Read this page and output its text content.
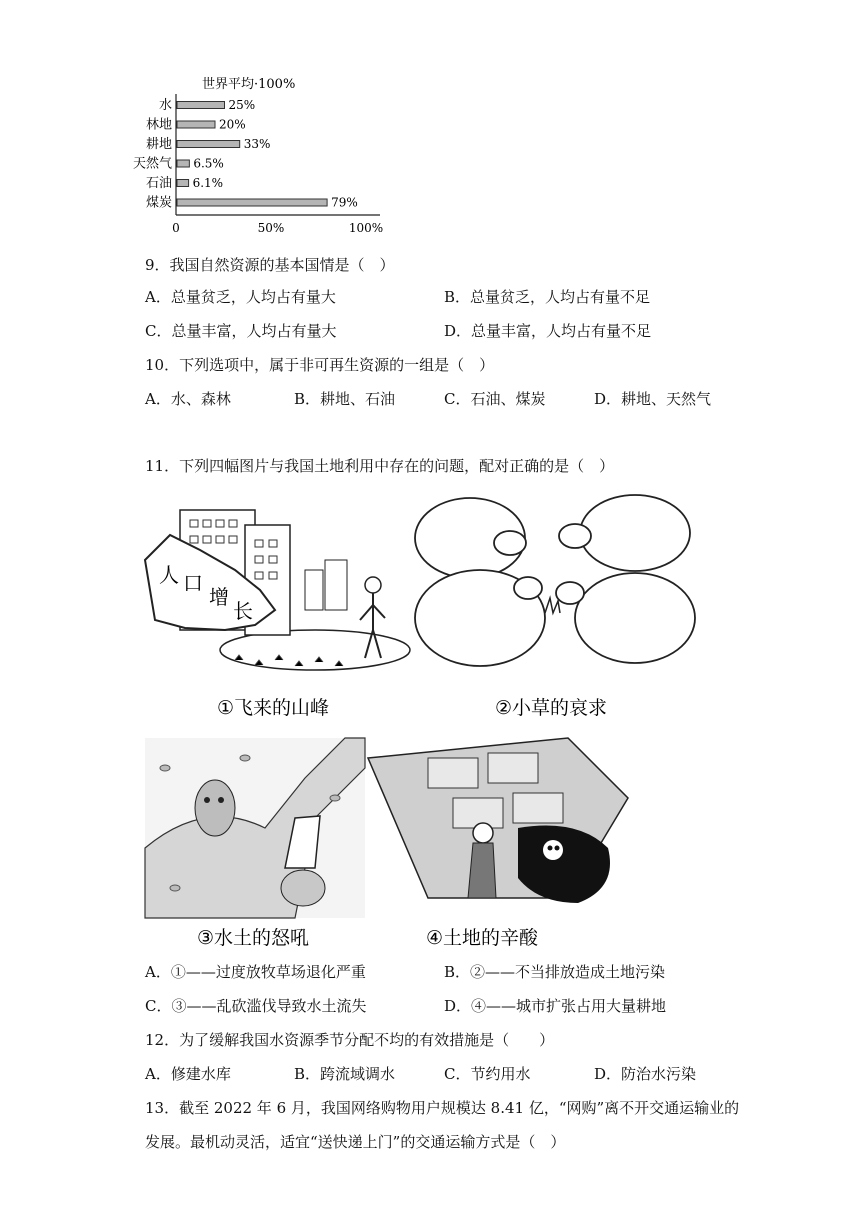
世界平均·100%
水	25%
林地	20%
耕地	33%
天然气 6.5%
石油 6.1%
煤炭	79%
0	50%	100%
9．我国自然资源的基本国情是（　）
A．总量贫乏，人均占有量大	B．总量贫乏，人均占有量不足
C．总量丰富，人均占有量大	D．总量丰富，人均占有量不足
10．下列选项中，属于非可再生资源的一组是（　）
A．水、森林	B．耕地、石油	C．石油、煤炭	D．耕地、天然气
11．下列四幅图片与我国土地利用中存在的问题，配对正确的是（　）
人 口
增
长
①飞来的山峰	②小草的哀求
③水土的怒吼	④土地的辛酸
A．①——过度放牧草场退化严重	B．②——不当排放造成土地污染
C．③——乱砍滥伐导致水土流失	D．④——城市扩张占用大量耕地
12．为了缓解我国水资源季节分配不均的有效措施是（　　）
A．修建水库	B．跨流域调水	C．节约用水	D．防治水污染
13．截至 2022 年 6 月，我国网络购物用户规模达 8.41 亿，“网购”离不开交通运输业的
发展。最机动灵活，适宜“送快递上门”的交通运输方式是（　）
